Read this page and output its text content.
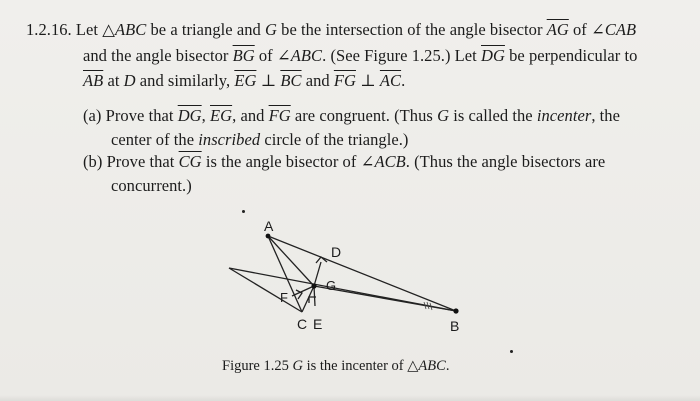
1.2.16. Let △ABC be a triangle and G be the intersection of the angle bisector $\overline{AG}$ of ∠CAB
and the angle bisector $\overline{BG}$ of ∠ABC. (See Figure 1.25.) Let $\overline{DG}$ be perpendicular to
$\overline{AB}$ at D and similarly, $\overline{EG}$ ⊥ $\overline{BC}$ and $\overline{FG}$ ⊥ $\overline{AC}$.
(a) Prove that $\overline{DG}$, $\overline{EG}$, and $\overline{FG}$ are congruent. (Thus G is called the incenter, the
center of the inscribed circle of the triangle.)
(b) Prove that $\overline{CG}$ is the angle bisector of ∠ACB. (Thus the angle bisectors are
concurrent.)
A
D
G
F
C E	B
Figure 1.25 G is the incenter of △ABC.
